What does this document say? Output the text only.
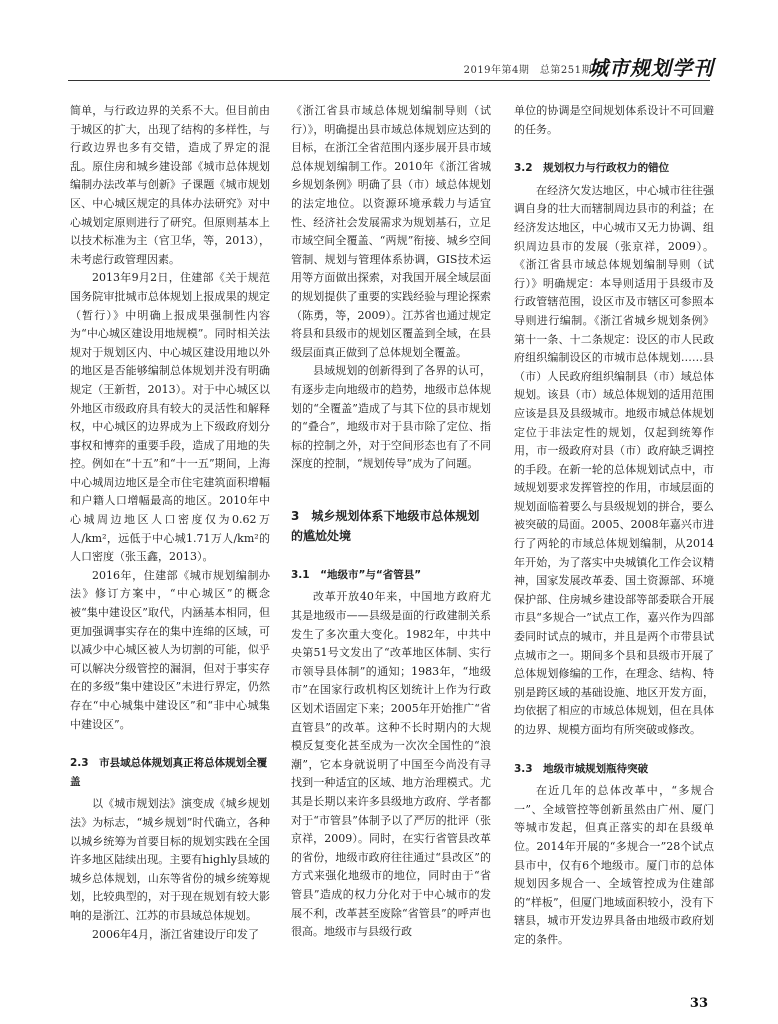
2019年第4期　总第251期
城市规划学刊

简单，与行政边界的关系不大。但目前由于城区的扩大，出现了结构的多样性，与行政边界也多有交错，造成了界定的混乱。原住房和城乡建设部《城市总体规划编制办法改革与创新》子课题《城市规划区、中心城区规定的具体办法研究》对中心城划定原则进行了研究。但原则基本上以技术标准为主（官卫华，等，2013），未考虑行政管理因素。

2013年9月2日，住建部《关于规范国务院审批城市总体规划上报成果的规定（暂行）》中明确上报成果强制性内容为“中心城区建设用地规模”。同时相关法规对于规划区内、中心城区建设用地以外的地区是否能够编制总体规划并没有明确规定（王新哲，2013）。对于中心城区以外地区市级政府具有较大的灵活性和解释权，中心城区的边界成为上下级政府划分事权和博弈的重要手段，造成了用地的失控。例如在“十五”和“十一五”期间，上海中心城周边地区是全市住宅建筑面积增幅和户籍人口增幅最高的地区。2010年中心城周边地区人口密度仅为0.62万人/km²，远低于中心城1.71万人/km²的人口密度（张玉鑫，2013）。

2016年，住建部《城市规划编制办法》修订方案中，“中心城区”的概念被“集中建设区”取代，内涵基本相同，但更加强调事实存在的集中连绵的区域，可以减少中心城区被人为切割的可能，似乎可以解决分级管控的漏洞，但对于事实存在的多级“集中建设区”未进行界定，仍然存在“中心城集中建设区”和“非中心城集中建设区”。

2.3　市县域总体规划真正将总体规划全覆盖

以《城市规划法》演变成《城乡规划法》为标志，“城乡规划”时代确立，各种以城乡统筹为首要目标的规划实践在全国许多地区陆续出现。主要有highly县域的城乡总体规划，山东等省份的城乡统筹规划，比较典型的，对于现在规划有较大影响的是浙江、江苏的市县域总体规划。

2006年4月，浙江省建设厅印发了

《浙江省县市域总体规划编制导则（试行）》，明确提出县市域总体规划应达到的目标，在浙江全省范围内逐步展开县市域总体规划编制工作。2010年《浙江省城乡规划条例》明确了县（市）域总体规划的法定地位。以资源环境承载力与适宜性、经济社会发展需求为规划基石，立足市域空间全覆盖、“两规”衔接、城乡空间管制、规划与管理体系协调，GIS技术运用等方面做出探索，对我国开展全域层面的规划提供了重要的实践经验与理论探索（陈勇，等，2009）。江苏省也通过规定将县和县级市的规划区覆盖到全域，在县级层面真正做到了总体规划全覆盖。

县域规划的创新得到了各界的认可，有逐步走向地级市的趋势，地级市总体规划的“全覆盖”造成了与其下位的县市规划的“叠合”，地级市对于县市除了定位、指标的控制之外，对于空间形态也有了不同深度的控制，“规划传导”成为了问题。

3　城乡规划体系下地级市总体规划的尴尬处境
3.1　“地级市”与“省管县”

改革开放40年来，中国地方政府尤其是地级市——县级是面的行政建制关系发生了多次重大变化。1982年，中共中央第51号文发出了“改革地区体制、实行市领导县体制”的通知；1983年，“地级市”在国家行政机构区划统计上作为行政区划术语固定下来；2005年开始推广“省直管县”的改革。这种不长时期内的大规模反复变化甚至成为一次次全国性的“浪潮”，它本身就说明了中国至今尚没有寻找到一种适宜的区域、地方治理模式。尤其是长期以来许多县级地方政府、学者都对于“市管县”体制予以了严厉的批评（张京祥，2009）。同时，在实行省管县改革的省份，地级市政府往往通过“县改区”的方式来强化地级市的地位，同时由于“省管县”造成的权力分化对于中心城市的发展不利，改革甚至废除“省管县”的呼声也很高。地级市与县级行政

单位的协调是空间规划体系设计不可回避的任务。

3.2　规划权力与行政权力的错位

在经济欠发达地区，中心城市往往强调自身的壮大而辖制周边县市的利益；在经济发达地区，中心城市又无力协调、组织周边县市的发展（张京祥，2009）。《浙江省县市域总体规划编制导则（试行）》明确规定：本导则适用于县级市及行政管辖范围，设区市及市辖区可参照本导则进行编制。《浙江省城乡规划条例》第十一条、十二条规定：设区的市人民政府组织编制设区的市城市总体规划……县（市）人民政府组织编制县（市）域总体规划。该县（市）域总体规划的适用范围应该是县及县级城市。地级市城总体规划定位于非法定性的规划，仅起到统筹作用，市一级政府对县（市）政府缺乏调控的手段。在新一轮的总体规划试点中，市域规划要求发挥管控的作用，市域层面的规划面临着要么与县级规划的拼合，要么被突破的局面。2005、2008年嘉兴市进行了两轮的市域总体规划编制，从2014年开始，为了落实中央城镇化工作会议精神，国家发展改革委、国土资源部、环境保护部、住房城乡建设部等部委联合开展市县“多规合一”试点工作，嘉兴作为四部委同时试点的城市，并且是两个市带县试点城市之一。期间多个县和县级市开展了总体规划修编的工作，在理念、结构、特别是跨区域的基础设施、地区开发方面，均依据了相应的市域总体规划，但在具体的边界、规模方面均有所突破或修改。

3.3　地级市城规划瓶待突破

在近几年的总体改革中，“多规合一”、全域管控等创新虽然由广州、厦门等城市发起，但真正落实的却在县级单位。2014年开展的“多规合一”28个试点县市中，仅有6个地级市。厦门市的总体规划因多规合一、全域管控成为住建部的“样板”，但厦门地域面积较小，没有下辖县，城市开发边界具备由地级市政府划定的条件。

33
